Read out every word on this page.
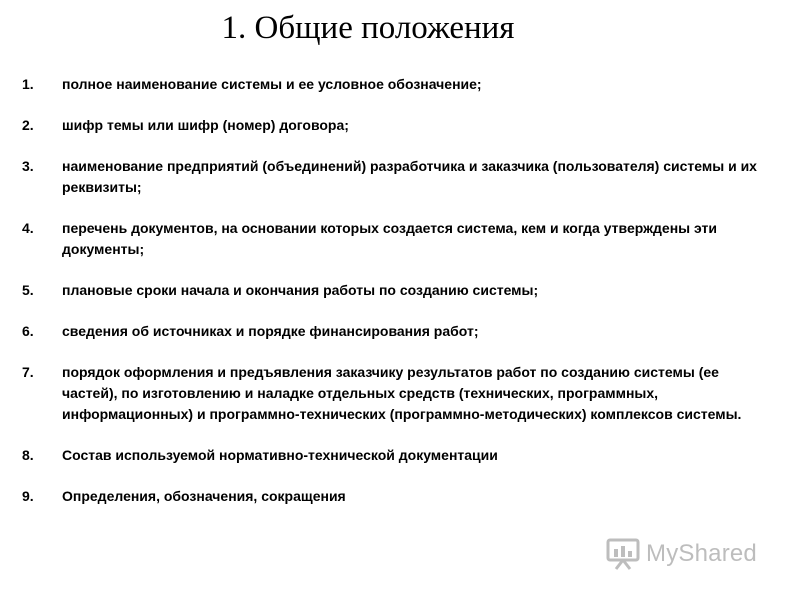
1. Общие положения
1. полное наименование системы и ее условное обозначение;
2. шифр темы или шифр (номер) договора;
3. наименование предприятий (объединений) разработчика и заказчика (пользователя) системы и их реквизиты;
4. перечень документов, на основании которых создается система, кем и когда утверждены эти документы;
5. плановые сроки начала и окончания работы по созданию системы;
6. сведения об источниках и порядке финансирования работ;
7. порядок оформления и предъявления заказчику результатов работ по созданию системы (ее частей), по изготовлению и наладке отдельных средств (технических, программных, информационных) и программно-технических (программно-методических) комплексов системы.
8. Состав используемой нормативно-технической документации
9. Определения, обозначения, сокращения
MyShared
